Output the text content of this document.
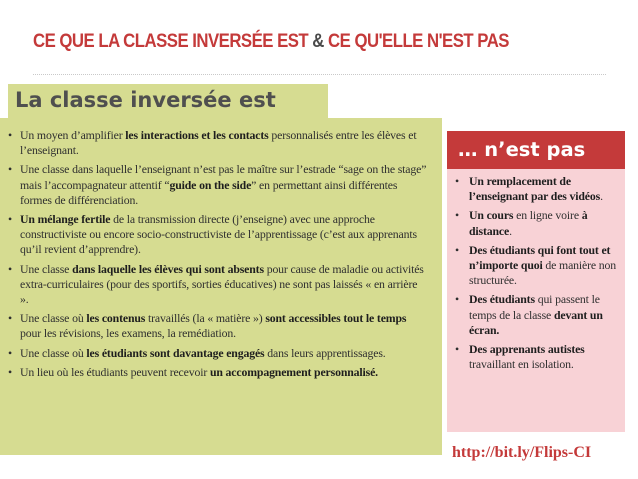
CE QUE LA CLASSE INVERSÉE EST & CE QU'ELLE N'EST PAS
La classe inversée est
• Un moyen d’amplifier les interactions et les contacts personnalisés entre les élèves et l’enseignant.
• Une classe dans laquelle l’enseignant n’est pas le maître sur l’estrade “sage on the stage” mais l’accompagnateur attentif “guide on the side” en permettant ainsi différentes formes de différenciation.
• Un mélange fertile de la transmission directe (j’enseigne) avec une approche constructiviste ou encore socio-constructiviste de l’apprentissage (c’est aux apprenants qu’il revient d’apprendre).
• Une classe dans laquelle les élèves qui sont absents pour cause de maladie ou activités extra-curriculaires (pour des sportifs, sorties éducatives) ne sont pas laissés « en arrière ».
• Une classe où les contenus travaillés (la « matière ») sont accessibles tout le temps pour les révisions, les examens, la remédiation.
• Une classe où les étudiants sont davantage engagés dans leurs apprentissages.
• Un lieu où les étudiants peuvent recevoir un accompagnement personnalisé.
… n’est pas
• Un remplacement de l’enseignant par des vidéos.
• Un cours en ligne voire à distance.
• Des étudiants qui font tout et n’importe quoi de manière non structurée.
• Des étudiants qui passent le temps de la classe devant un écran.
• Des apprenants autistes travaillant en isolation.
http://bit.ly/Flips-CI
